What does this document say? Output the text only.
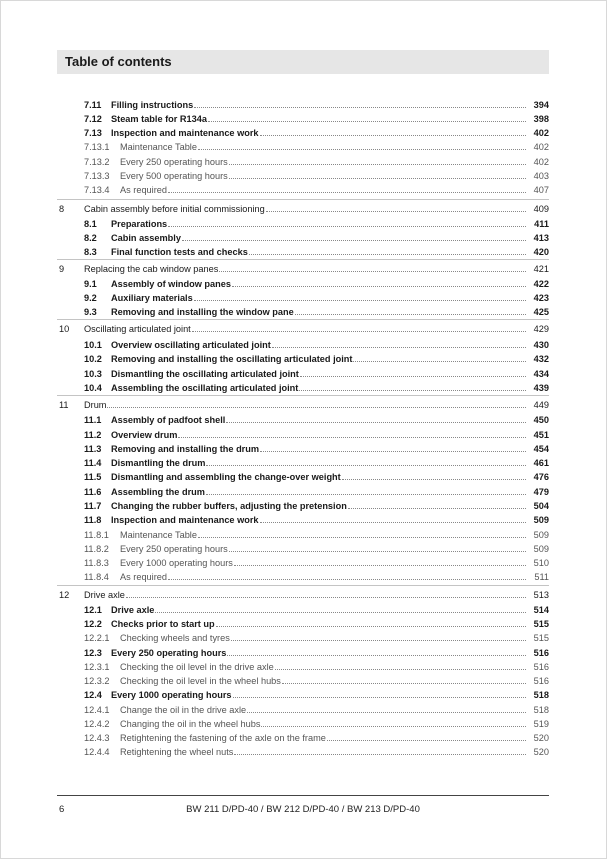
Table of contents
7.11	Filling instructions	394
7.12 Steam table for R134a	398
7.13 Inspection and maintenance work	402
7.13.1	Maintenance Table	402
7.13.2	Every 250 operating hours	402
7.13.3	Every 500 operating hours	403
7.13.4	As required	407
8	Cabin assembly before initial commissioning	409
8.1	Preparations	411
8.2	Cabin assembly	413
8.3	Final function tests and checks	420
9	Replacing the cab window panes	421
9.1	Assembly of window panes	422
9.2	Auxiliary materials	423
9.3	Removing and installing the window pane	425
10	Oscillating articulated joint	429
10.1 Overview oscillating articulated joint	430
10.2 Removing and installing the oscillating articulated joint	432
10.3 Dismantling the oscillating articulated joint	434
10.4 Assembling the oscillating articulated joint	439
11	Drum	449
11.1	Assembly of padfoot shell	450
11.2	Overview drum	451
11.3	Removing and installing the drum	454
11.4	Dismantling the drum	461
11.5	Dismantling and assembling the change-over weight	476
11.6	Assembling the drum	479
11.7	Changing the rubber buffers, adjusting the pretension	504
11.8	Inspection and maintenance work	509
11.8.1	Maintenance Table	509
11.8.2	Every 250 operating hours	509
11.8.3	Every 1000 operating hours	510
11.8.4	As required	511
12	Drive axle	513
12.1 Drive axle	514
12.2 Checks prior to start up	515
12.2.1	Checking wheels and tyres	515
12.3 Every 250 operating hours	516
12.3.1	Checking the oil level in the drive axle	516
12.3.2	Checking the oil level in the wheel hubs	516
12.4 Every 1000 operating hours	518
12.4.1	Change the oil in the drive axle	518
12.4.2	Changing the oil in the wheel hubs	519
12.4.3	Retightening the fastening of the axle on the frame	520
12.4.4	Retightening the wheel nuts	520
6	BW 211 D/PD-40 / BW 212 D/PD-40 / BW 213 D/PD-40
